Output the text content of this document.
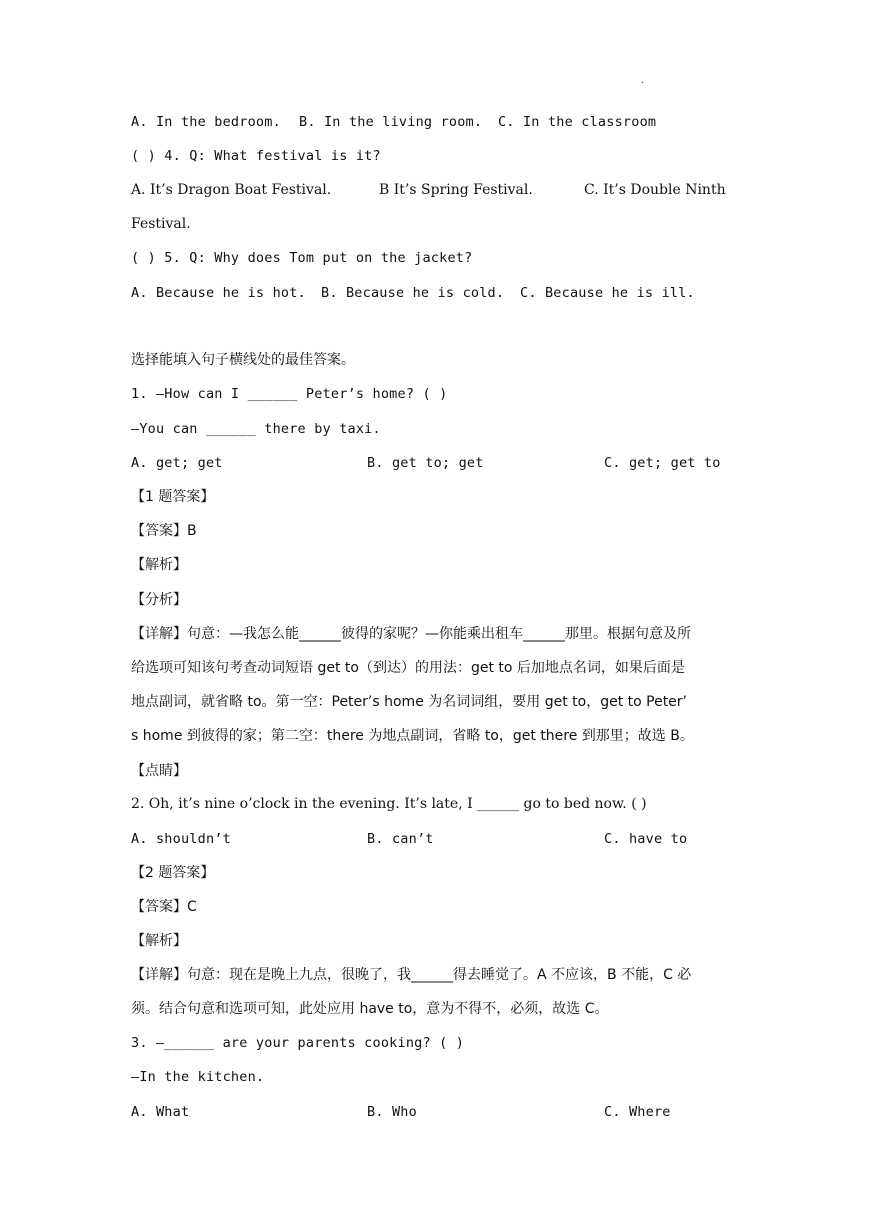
·
A. In the bedroom. B. In the living room. C. In the classroom
( ) 4. Q: What festival is it?
A. It’s Dragon Boat Festival.	B It’s Spring Festival.	C. It’s Double Ninth
Festival.
( ) 5. Q: Why does Tom put on the jacket?
A. Because he is hot. B. Because he is cold. C. Because he is ill.
选择能填入句子横线处的最佳答案。
1. —How can I ______ Peter’s home? ( )
—You can ______ there by taxi.
A. get; get	B. get to; get	C. get; get to
【1 题答案】
【答案】B
【解析】
【分析】
【详解】句意：—我怎么能______彼得的家呢？—你能乘出租车______那里。根据句意及所
给选项可知该句考查动词短语 get to（到达）的用法：get to 后加地点名词，如果后面是
地点副词，就省略 to。第一空：Peter’s home 为名词词组，要用 get to，get to Peter’
s home 到彼得的家；第二空：there 为地点副词，省略 to，get there 到那里；故选 B。
【点睛】
2. Oh, it’s nine o’clock in the evening. It’s late, I ______ go to bed now. ( )
A. shouldn’t	B. can’t	C. have to
【2 题答案】
【答案】C
【解析】
【详解】句意：现在是晚上九点，很晚了，我______得去睡觉了。A 不应该，B 不能，C 必
须。结合句意和选项可知，此处应用 have to，意为不得不，必须，故选 C。
3. —______ are your parents cooking? ( )
—In the kitchen.
A. What	B. Who	C. Where
